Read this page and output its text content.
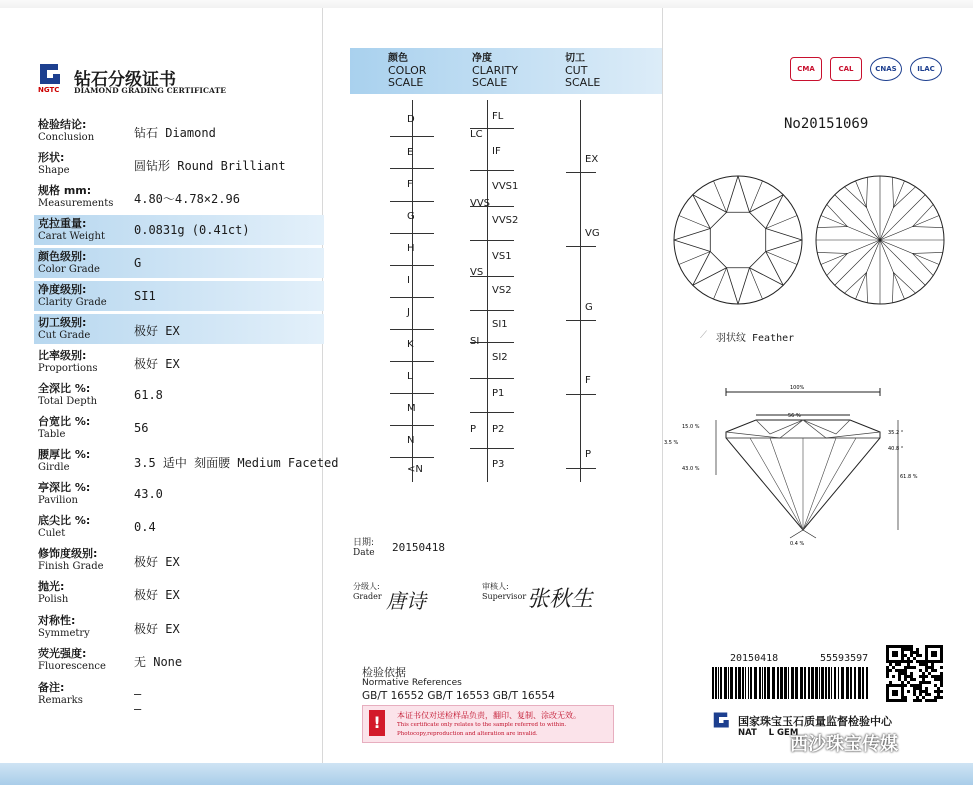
NGTC 钻石分级证书
DIAMOND GRADING CERTIFICATE
检验结论:
Conclusion	钻石 Diamond
形状:
Shape	圆钻形 Round Brilliant
规格 mm:
Measurements	4.80～4.78×2.96
克拉重量:
Carat Weight	0.0831g (0.41ct)
颜色级别:
Color Grade	G
净度级别:
Clarity Grade	SI1
切工级别:
Cut Grade	极好 EX
比率级别:
Proportions	极好 EX
全深比 %:
Total Depth	61.8
台宽比 %:
Table	56
腰厚比 %:
Girdle	3.5 适中 刻面腰 Medium Faceted
亭深比 %:
Pavilion	43.0
底尖比 %:
Culet	0.4
修饰度级别:
Finish Grade	极好 EX
抛光:
Polish	极好 EX
对称性:
Symmetry	极好 EX
荧光强度:
Fluorescence	无 None
备注:
Remarks	—
颜色
COLOR
SCALE
净度
CLARITY
SCALE
切工
CUT
SCALE
D
E
F
G
H
I
J
K
L
M
N
<N
FL
IF
VVS1
VVS2
VS1
VS2
SI1
SI2
P1
P2
P3
LC
VVS
VS
SI
P
EX
VG
G
F
P
日期:
Date 20150418
分级人:
Grader 唐诗
审核人:
Supervisor 张秋生
检验依据
Normative References
GB/T 16552 GB/T 16553 GB/T 16554
!	本证书仅对送检样品负责，翻印、复制、涂改无效。
This certificate only relates to the sample referred to within.
Photocopy,reproduction and alteration are invalid.
CMA	CAL	CNAS	ILAC
No20151069
⟋ 羽状纹 Feather
100%
56 %
15.0 %
3.5 %
43.0 %
35.2 °
40.8 °
61.8 %
0.4 %
20150418	55593597
国家珠宝玉石质量监督检验中心
NAT    L GEM
西沙珠宝传媒
—
